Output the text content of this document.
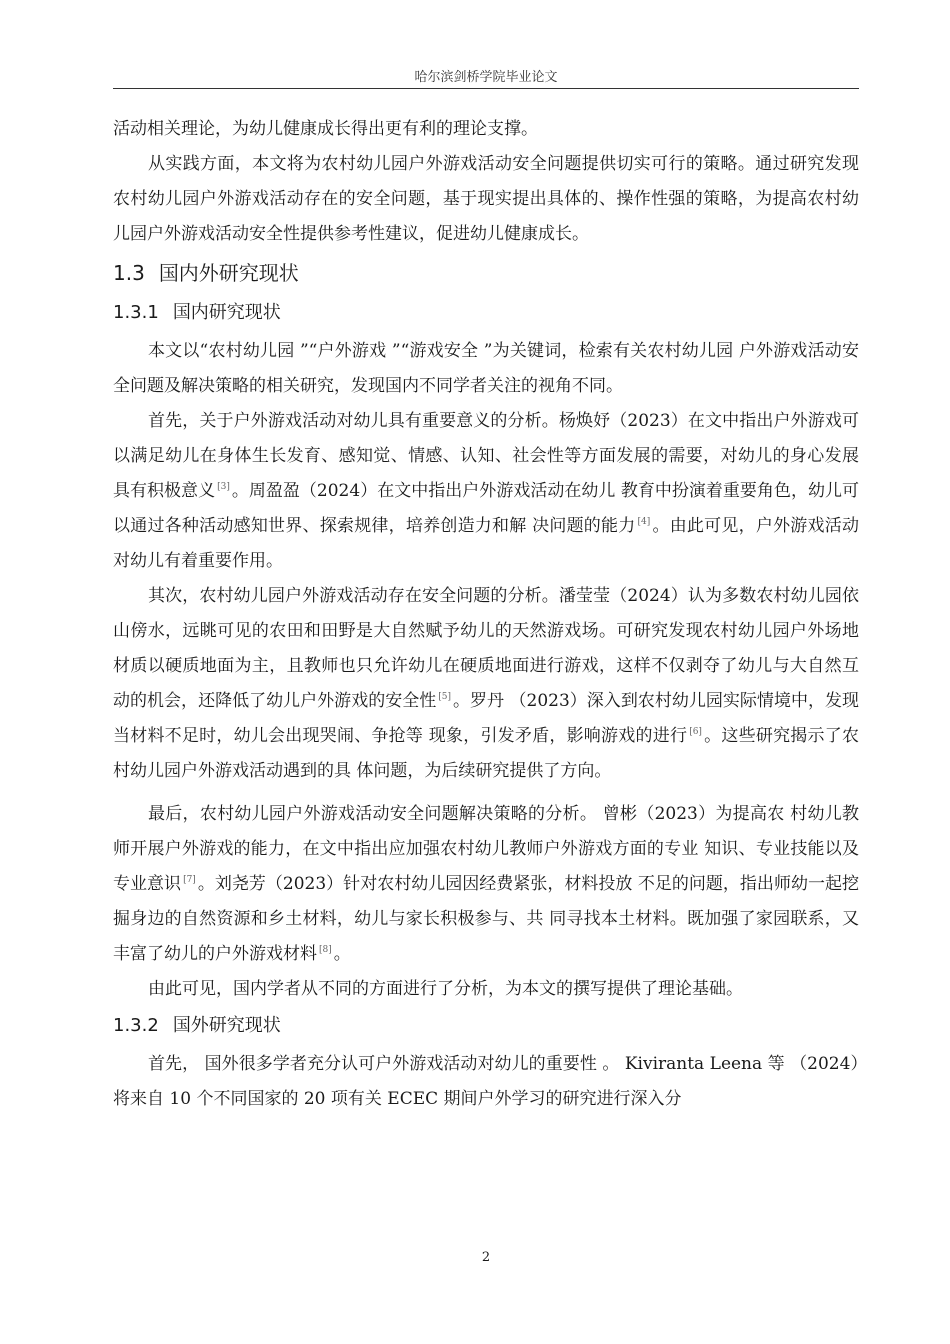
哈尔滨剑桥学院毕业论文

活动相关理论，为幼儿健康成长得出更有利的理论支撑。

从实践方面，本文将为农村幼儿园户外游戏活动安全问题提供切实可行的策略。通过研究发现农村幼儿园户外游戏活动存在的安全问题，基于现实提出具体的、操作性强的策略，为提高农村幼儿园户外游戏活动安全性提供参考性建议，促进幼儿健康成长。

1.3 国内外研究现状
1.3.1 国内研究现状

本文以“农村幼儿园 ”“户外游戏 ”“游戏安全 ”为关键词，检索有关农村幼儿园 户外游戏活动安全问题及解决策略的相关研究，发现国内不同学者关注的视角不同。

首先，关于户外游戏活动对幼儿具有重要意义的分析。杨焕妤（2023）在文中指出户外游戏可以满足幼儿在身体生长发育、感知觉、情感、认知、社会性等方面发展的需要，对幼儿的身心发展具有积极意义 [3] 。周盈盈（2024）在文中指出户外游戏活动在幼儿 教育中扮演着重要角色，幼儿可以通过各种活动感知世界、探索规律，培养创造力和解 决问题的能力 [4] 。由此可见，户外游戏活动对幼儿有着重要作用。

其次，农村幼儿园户外游戏活动存在安全问题的分析。潘莹莹（2024）认为多数农村幼儿园依山傍水，远眺可见的农田和田野是大自然赋予幼儿的天然游戏场。可研究发现农村幼儿园户外场地材质以硬质地面为主，且教师也只允许幼儿在硬质地面进行游戏，这样不仅剥夺了幼儿与大自然互动的机会，还降低了幼儿户外游戏的安全性 [5] 。罗丹 （2023）深入到农村幼儿园实际情境中，发现当材料不足时，幼儿会出现哭闹、争抢等 现象，引发矛盾，影响游戏的进行 [6] 。这些研究揭示了农村幼儿园户外游戏活动遇到的具 体问题，为后续研究提供了方向。

最后，农村幼儿园户外游戏活动安全问题解决策略的分析。 曾彬（2023）为提高农 村幼儿教师开展户外游戏的能力，在文中指出应加强农村幼儿教师户外游戏方面的专业 知识、专业技能以及专业意识 [7] 。刘尧芳（2023）针对农村幼儿园因经费紧张，材料投放 不足的问题，指出师幼一起挖掘身边的自然资源和乡土材料，幼儿与家长积极参与、共 同寻找本土材料。既加强了家园联系，又丰富了幼儿的户外游戏材料 [8] 。

由此可见，国内学者从不同的方面进行了分析，为本文的撰写提供了理论基础。

1.3.2 国外研究现状

首先， 国外很多学者充分认可户外游戏活动对幼儿的重要性 。 Kiviranta Leena 等 （2024）将来自 10 个不同国家的 20 项有关 ECEC 期间户外学习的研究进行深入分

2
